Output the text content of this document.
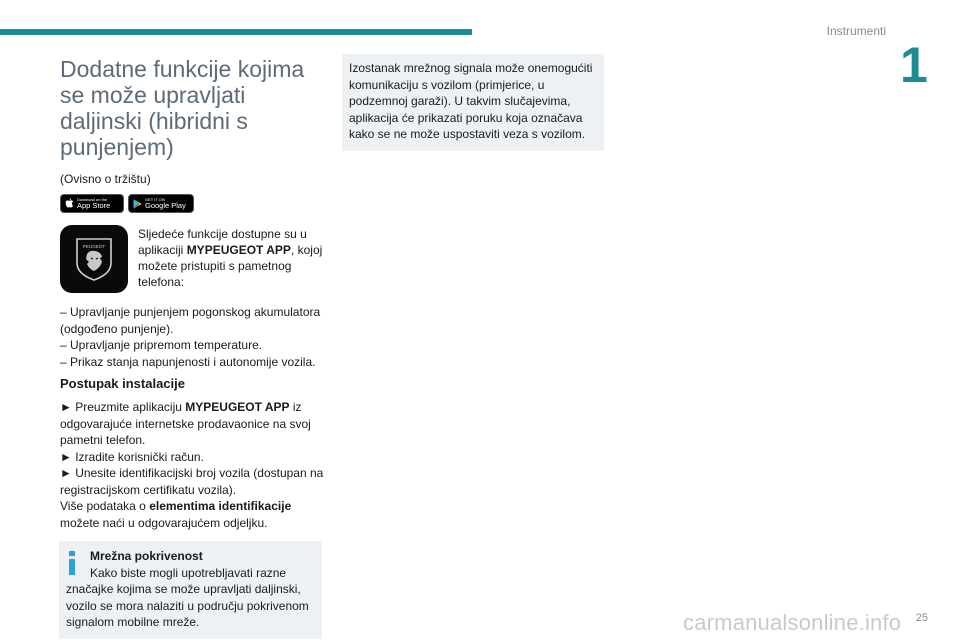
Instrumenti
1
Dodatne funkcije kojima se može upravljati daljinski (hibridni s punjenjem)
(Ovisno o tržištu)
Download on the
App Store
GET IT ON
Google Play
PEUGEOT
Sljedeće funkcije dostupne su u aplikaciji MYPEUGEOT APP, kojoj možete pristupiti s pametnog telefona:
– Upravljanje punjenjem pogonskog akumulatora (odgođeno punjenje).
– Upravljanje pripremom temperature.
– Prikaz stanja napunjenosti i autonomije vozila.
Postupak instalacije
► Preuzmite aplikaciju MYPEUGEOT APP iz odgovarajuće internetske prodavaonice na svoj pametni telefon.
► Izradite korisnički račun.
► Unesite identifikacijski broj vozila (dostupan na registracijskom certifikatu vozila).
Više podataka o elementima identifikacije možete naći u odgovarajućem odjeljku.
Mrežna pokrivenost
Kako biste mogli upotrebljavati razne
značajke kojima se može upravljati daljinski, vozilo se mora nalaziti u području pokrivenom signalom mobilne mreže.
Izostanak mrežnog signala može onemogućiti komunikaciju s vozilom (primjerice, u podzemnoj garaži). U takvim slučajevima, aplikacija će prikazati poruku koja označava kako se ne može uspostaviti veza s vozilom.
25
carmanualsonline.info
